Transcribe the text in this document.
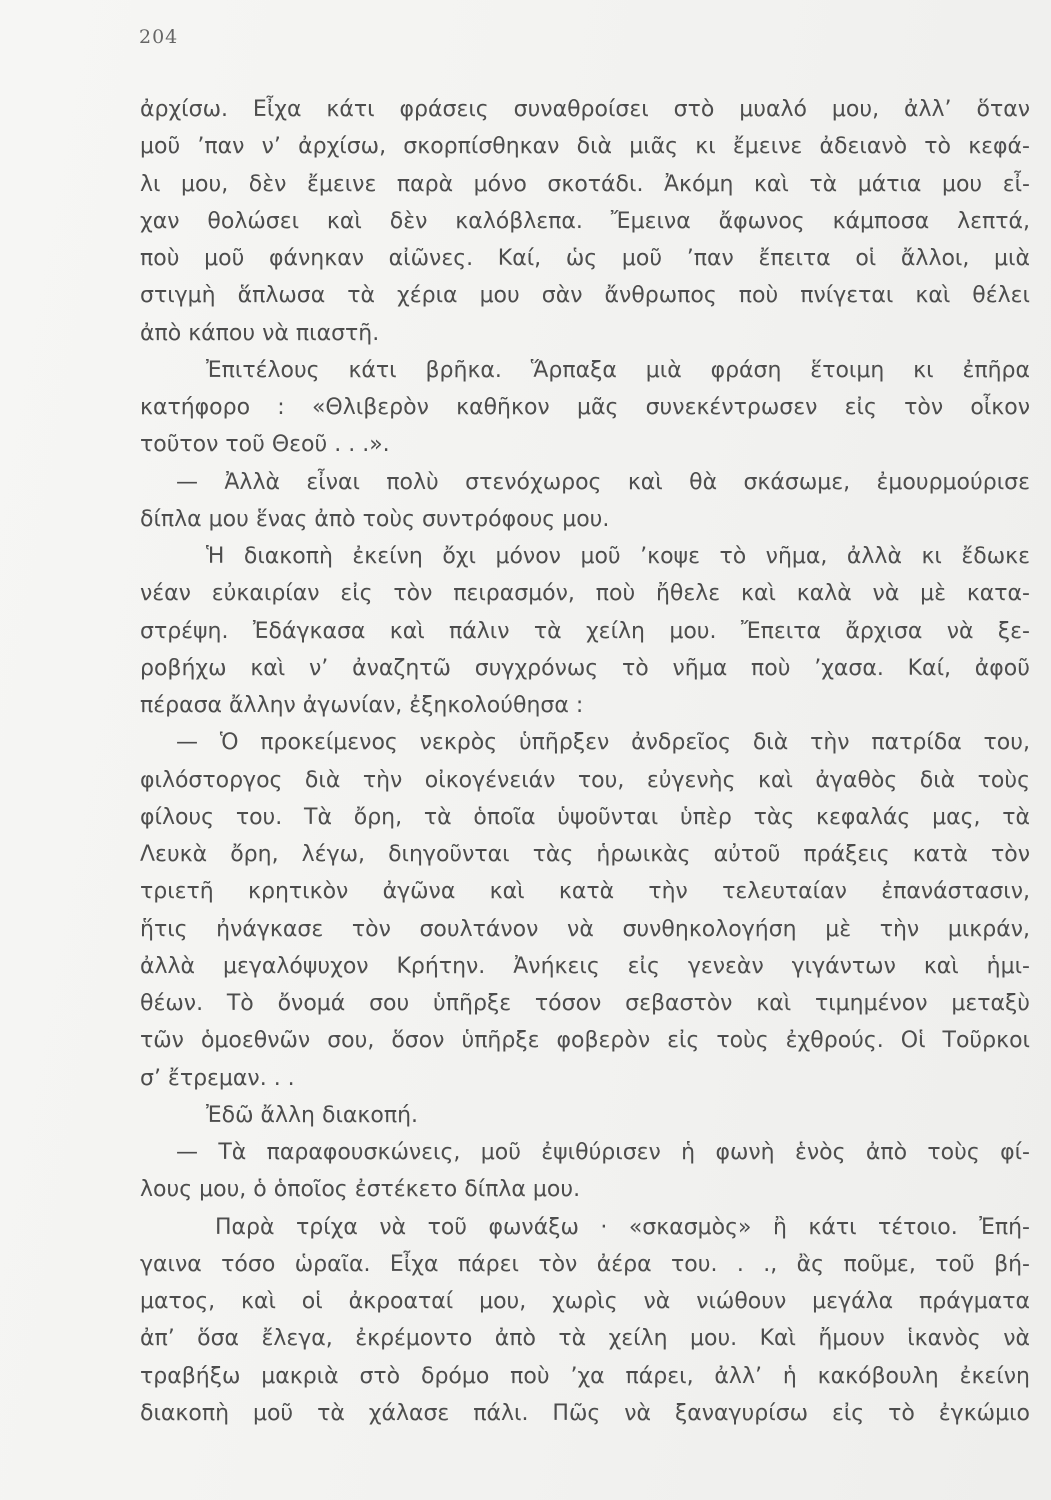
204
ἀρχίσω. Εἶχα κάτι φράσεις συναθροίσει στὸ μυαλό μου, ἀλλ’ ὅταν
μοῦ ’παν ν’ ἀρχίσω, σκορπίσθηκαν διὰ μιᾶς κι ἔμεινε ἀδειανὸ τὸ κεφά-
λι μου, δὲν ἔμεινε παρὰ μόνο σκοτάδι. Ἀκόμη καὶ τὰ μάτια μου εἶ-
χαν θολώσει καὶ δὲν καλόβλεπα. Ἔμεινα ἄφωνος κάμποσα λεπτά,
ποὺ μοῦ φάνηκαν αἰῶνες. Καί, ὡς μοῦ ’παν ἔπειτα οἱ ἄλλοι, μιὰ
στιγμὴ ἅπλωσα τὰ χέρια μου σὰν ἄνθρωπος ποὺ πνίγεται καὶ θέλει
ἀπὸ κάπου νὰ πιαστῆ.
Ἐπιτέλους κάτι βρῆκα. Ἅρπαξα μιὰ φράση ἕτοιμη κι ἐπῆρα
κατήφορο : «Θλιβερὸν καθῆκον μᾶς συνεκέντρωσεν εἰς τὸν οἶκον
τοῦτον τοῦ Θεοῦ . . .».
— Ἀλλὰ εἶναι πολὺ στενόχωρος καὶ θὰ σκάσωμε, ἐμουρμούρισε
δίπλα μου ἕνας ἀπὸ τοὺς συντρόφους μου.
Ἡ διακοπὴ ἐκείνη ὄχι μόνον μοῦ ’κοψε τὸ νῆμα, ἀλλὰ κι ἔδωκε
νέαν εὐκαιρίαν εἰς τὸν πειρασμόν, ποὺ ἤθελε καὶ καλὰ νὰ μὲ κατα-
στρέψη. Ἐδάγκασα καὶ πάλιν τὰ χείλη μου. Ἔπειτα ἄρχισα νὰ ξε-
ροβήχω καὶ ν’ ἀναζητῶ συγχρόνως τὸ νῆμα ποὺ ’χασα. Καί, ἀφοῦ
πέρασα ἄλλην ἀγωνίαν, ἐξηκολούθησα :
— Ὁ προκείμενος νεκρὸς ὑπῆρξεν ἀνδρεῖος διὰ τὴν πατρίδα του,
φιλόστοργος διὰ τὴν οἰκογένειάν του, εὐγενὴς καὶ ἀγαθὸς διὰ τοὺς
φίλους του. Τὰ ὄρη, τὰ ὁποῖα ὑψοῦνται ὑπὲρ τὰς κεφαλάς μας, τὰ
Λευκὰ ὄρη, λέγω, διηγοῦνται τὰς ἡρωικὰς αὐτοῦ πράξεις κατὰ τὸν
τριετῆ κρητικὸν ἀγῶνα καὶ κατὰ τὴν τελευταίαν ἐπανάστασιν,
ἥτις ἠνάγκασε τὸν σουλτάνον νὰ συνθηκολογήση μὲ τὴν μικράν,
ἀλλὰ μεγαλόψυχον Κρήτην. Ἀνήκεις εἰς γενεὰν γιγάντων καὶ ἡμι-
θέων. Τὸ ὄνομά σου ὑπῆρξε τόσον σεβαστὸν καὶ τιμημένον μεταξὺ
τῶν ὁμοεθνῶν σου, ὅσον ὑπῆρξε φοβερὸν εἰς τοὺς ἐχθρούς. Οἱ Τοῦρκοι
σ’ ἔτρεμαν. . .
Ἐδῶ ἄλλη διακοπή.
— Τὰ παραφουσκώνεις, μοῦ ἐψιθύρισεν ἡ φωνὴ ἑνὸς ἀπὸ τοὺς φί-
λους μου, ὁ ὁποῖος ἐστέκετο δίπλα μου.
Παρὰ τρίχα νὰ τοῦ φωνάξω · «σκασμὸς» ἢ κάτι τέτοιο. Ἐπή-
γαινα τόσο ὡραῖα. Εἶχα πάρει τὸν ἀέρα του. . ., ἂς ποῦμε, τοῦ βή-
ματος, καὶ οἱ ἀκροαταί μου, χωρὶς νὰ νιώθουν μεγάλα πράγματα
ἀπ’ ὅσα ἔλεγα, ἐκρέμοντο ἀπὸ τὰ χείλη μου. Καὶ ἤμουν ἱκανὸς νὰ
τραβήξω μακριὰ στὸ δρόμο ποὺ ’χα πάρει, ἀλλ’ ἡ κακόβουλη ἐκείνη
διακοπὴ μοῦ τὰ χάλασε πάλι. Πῶς νὰ ξαναγυρίσω εἰς τὸ ἐγκώμιο
